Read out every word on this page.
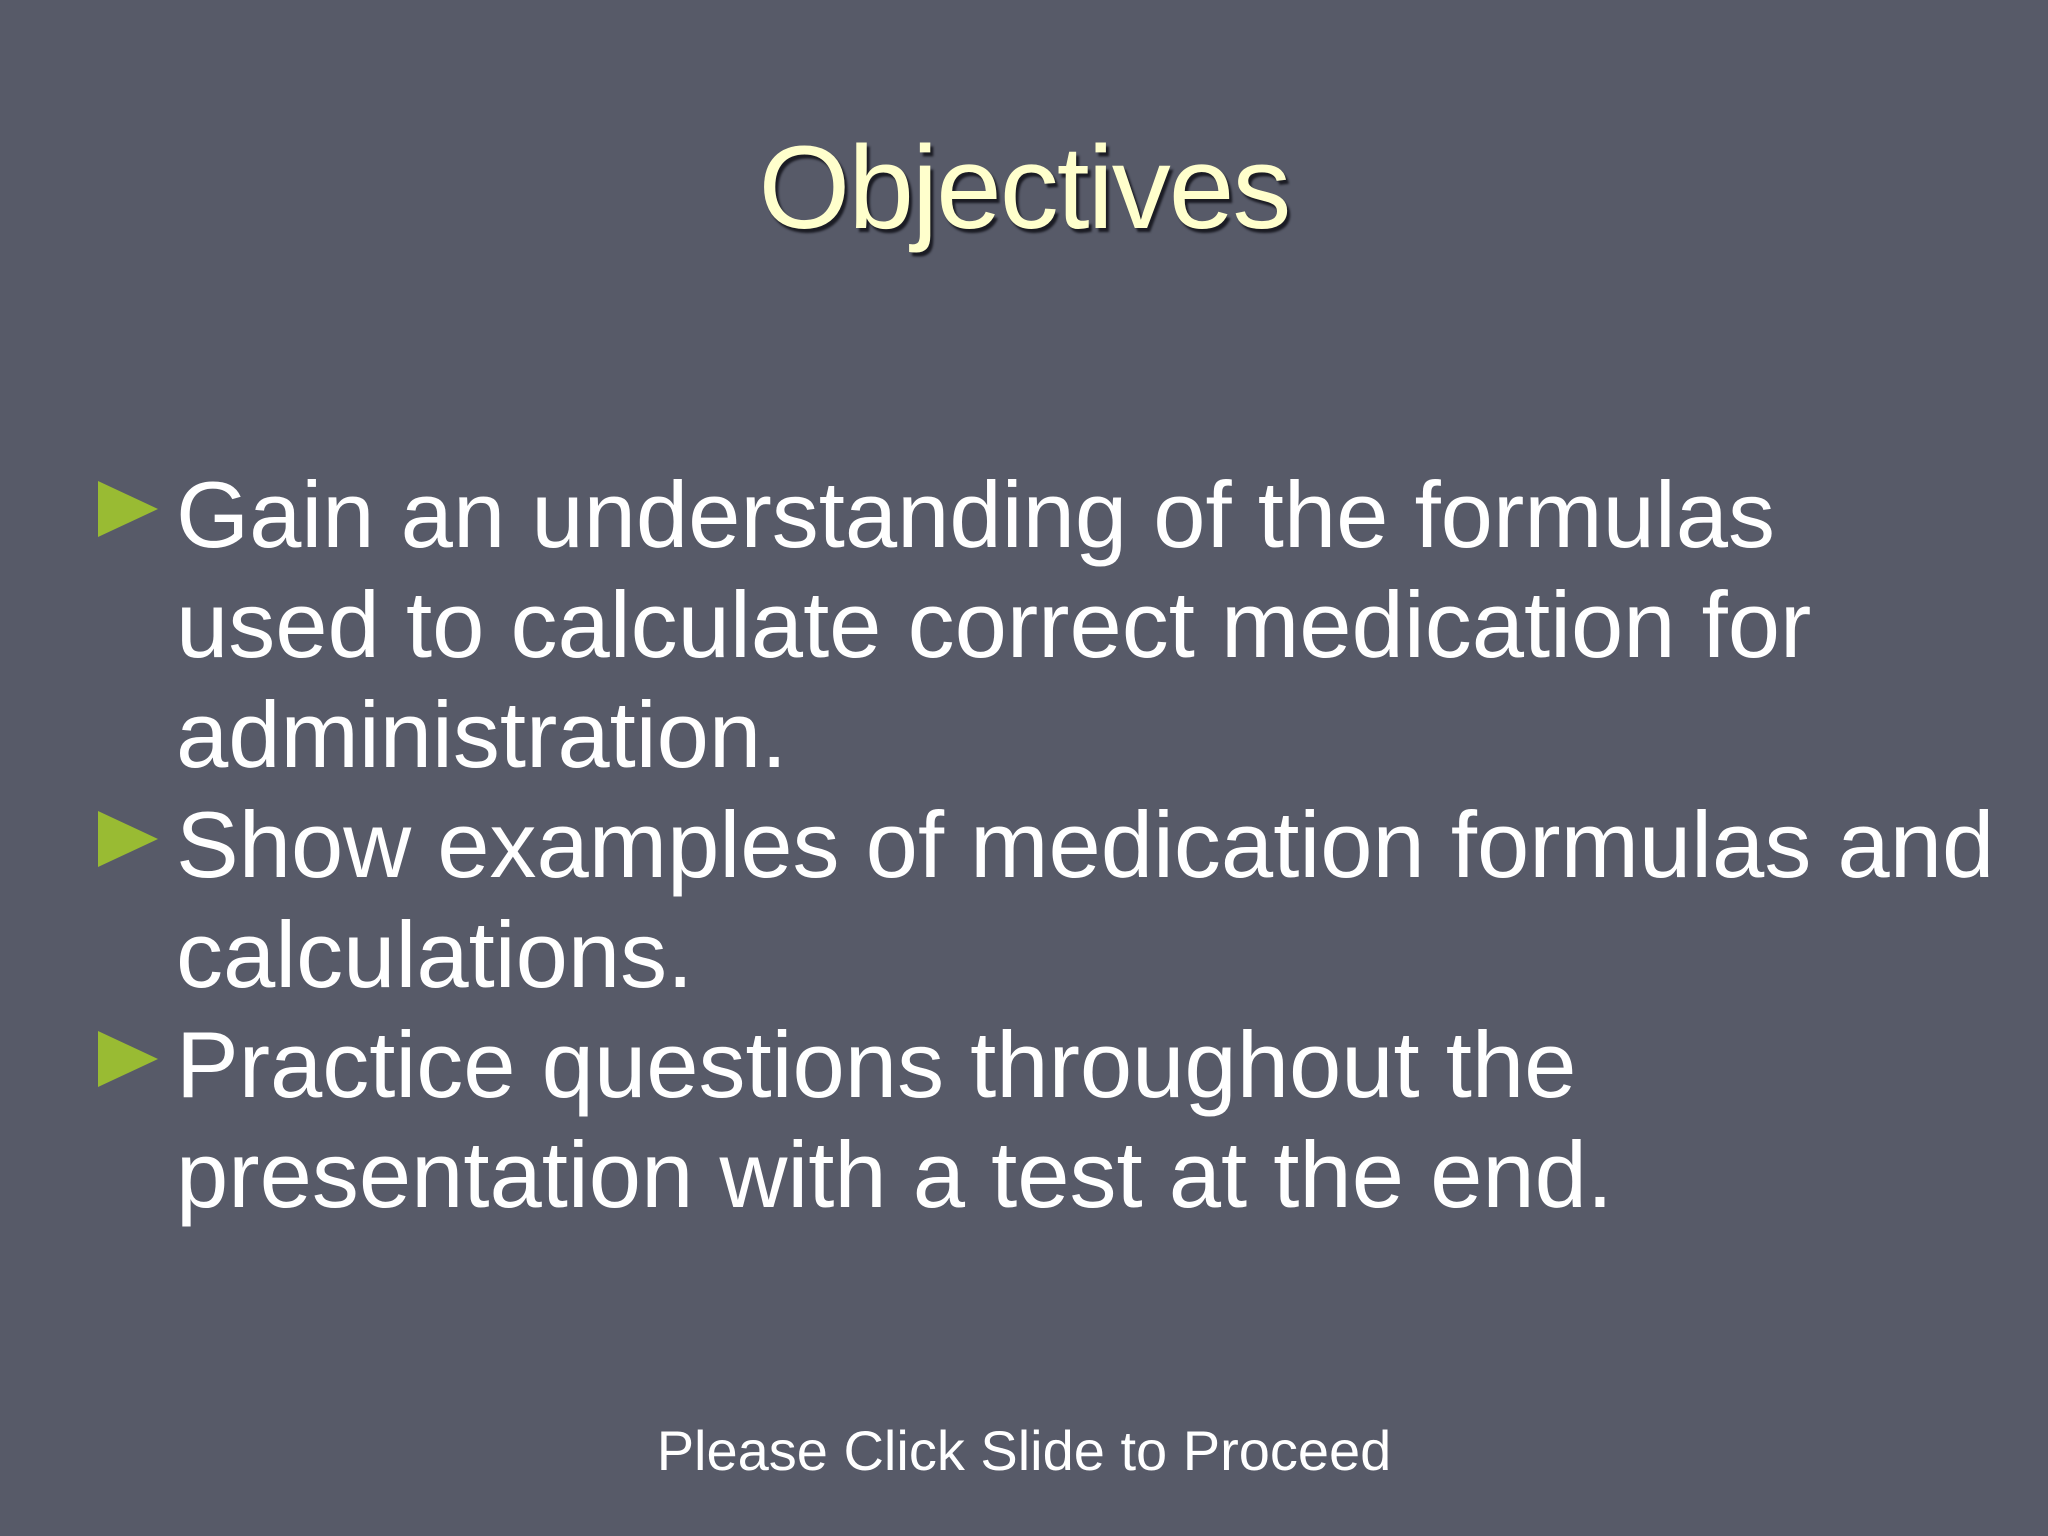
Objectives
Gain an understanding of the formulas used to calculate correct medication for administration.
Show examples of medication formulas and calculations.
Practice questions throughout the presentation with a test at the end.
Please Click Slide to Proceed
